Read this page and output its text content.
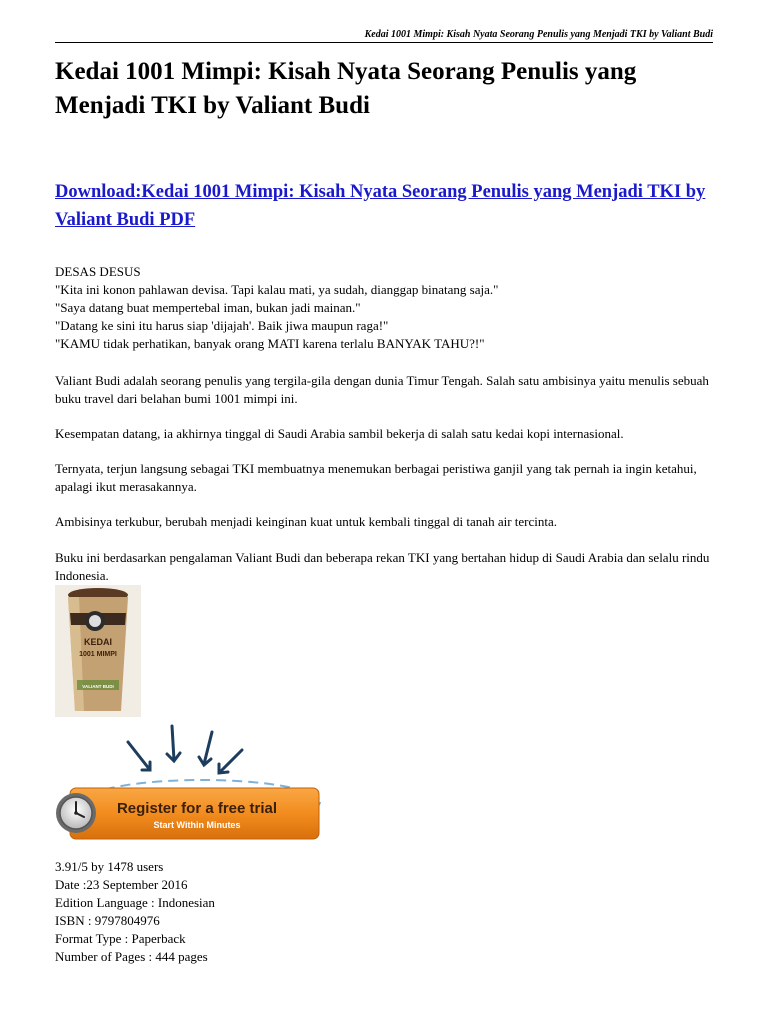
Kedai 1001 Mimpi: Kisah Nyata Seorang Penulis yang Menjadi TKI by Valiant Budi
Kedai 1001 Mimpi: Kisah Nyata Seorang Penulis yang Menjadi TKI by Valiant Budi
Download:Kedai 1001 Mimpi: Kisah Nyata Seorang Penulis yang Menjadi TKI by Valiant Budi PDF
DESAS DESUS
"Kita ini konon pahlawan devisa. Tapi kalau mati, ya sudah, dianggap binatang saja."
"Saya datang buat mempertebal iman, bukan jadi mainan."
"Datang ke sini itu harus siap 'dijajah'. Baik jiwa maupun raga!"
"KAMU tidak perhatikan, banyak orang MATI karena terlalu BANYAK TAHU?!"

Valiant Budi adalah seorang penulis yang tergila-gila dengan dunia Timur Tengah. Salah satu ambisinya yaitu menulis sebuah buku travel dari belahan bumi 1001 mimpi ini.

Kesempatan datang, ia akhirnya tinggal di Saudi Arabia sambil bekerja di salah satu kedai kopi internasional.

Ternyata, terjun langsung sebagai TKI membuatnya menemukan berbagai peristiwa ganjil yang tak pernah ia ingin ketahui, apalagi ikut merasakannya.

Ambisinya terkubur, berubah menjadi keinginan kuat untuk kembali tinggal di tanah air tercinta.

Buku ini berdasarkan pengalaman Valiant Budi dan beberapa rekan TKI yang bertahan hidup di Saudi Arabia dan selalu rindu Indonesia.

KEDAI
1001 MIMPI
VALIANT BUDI
Register for a free trial
Start Within Minutes
3.91/5 by 1478 users
Date :23 September 2016
Edition Language : Indonesian
ISBN : 9797804976
Format Type : Paperback
Number of Pages : 444 pages
